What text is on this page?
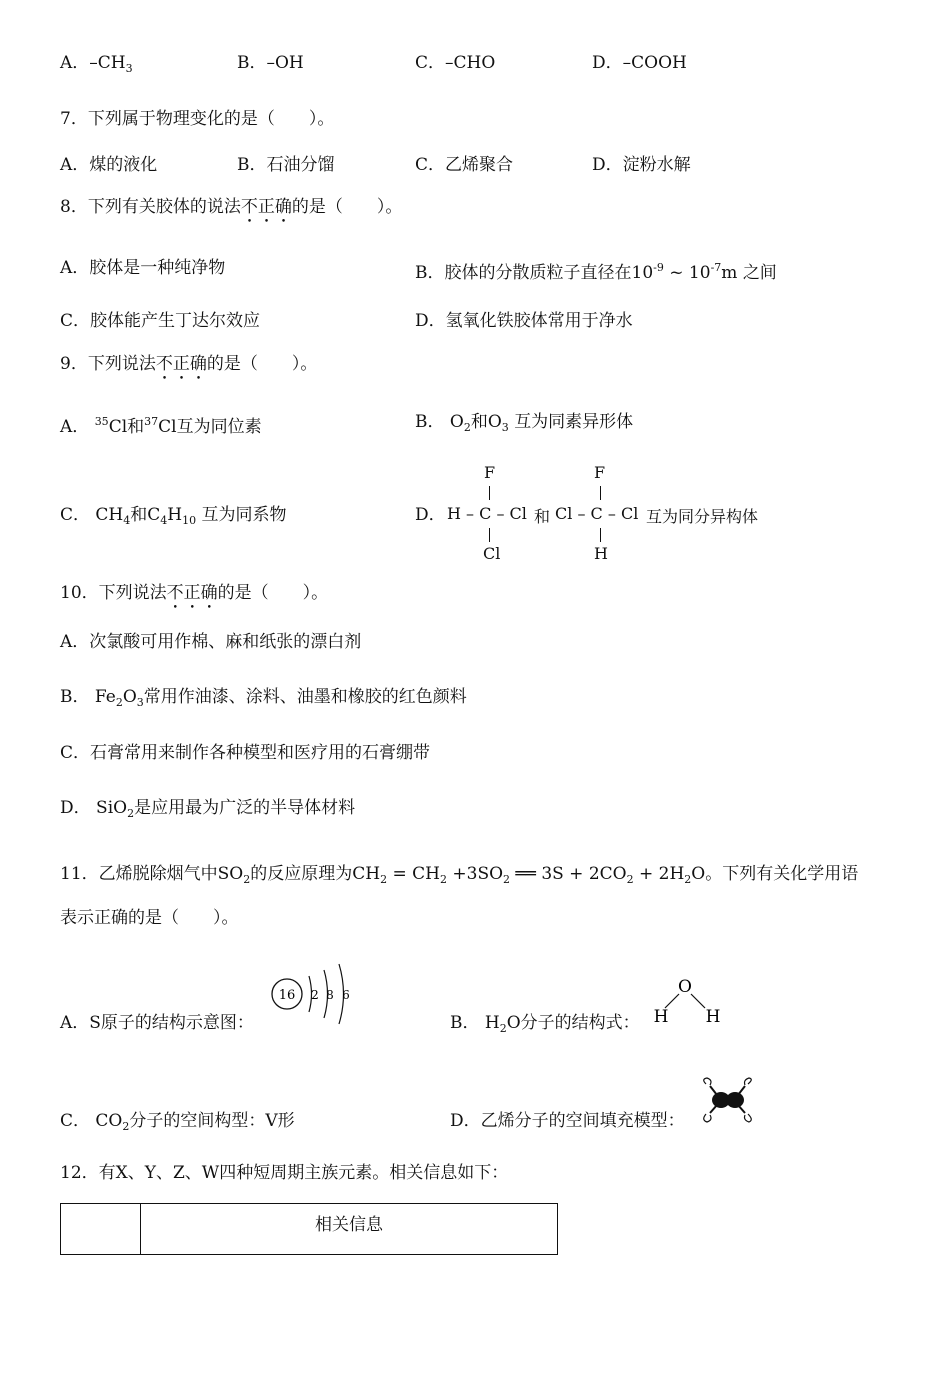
A．$-CH_3$	B．–OH	C．–CHO	D．–COOH
7．下列属于物理变化的是（　　）。
A．煤的液化	B．石油分馏	C．乙烯聚合	D．淀粉水解
8．下列有关胶体的说法不正确的是（　　）。
A．胶体是一种纯净物	B．胶体的分散质粒子直径在$10^{-9}$ ~ $10^{-7}m$ 之间
C．胶体能产生丁达尔效应	D．氢氧化铁胶体常用于净水
9．下列说法不正确的是（　　）。
A． $^{35}$Cl和$^{37}$Cl互为同位素	B． $O_2$和$O_3$ 互为同素异形体
C． $CH_4$和$C_4H_{10}$ 互为同系物	D．
F
H – C – Cl
Cl
和
F
Cl – C – Cl
H
互为同分异构体
10．下列说法不正确的是（　　）。
A．次氯酸可用作棉、麻和纸张的漂白剂
B． $Fe_2O_3$常用作油漆、涂料、油墨和橡胶的红色颜料
C．石膏常用来制作各种模型和医疗用的石膏绷带
D． SiO$_2$是应用最为广泛的半导体材料
11．乙烯脱除烟气中$SO_2$的反应原理为$CH_2 = CH_2 +3SO_2$ ══ $3S + 2CO_2 + 2H_2O$。下列有关化学用语
表示正确的是（　　）。
A．S原子的结构示意图：
16 2 8 6
B． $H_2O$分子的结构式：
O
H H
C． $CO_2$分子的空间构型：V形	D．乙烯分子的空间填充模型：
12．有X、Y、Z、W四种短周期主族元素。相关信息如下：
	相关信息
